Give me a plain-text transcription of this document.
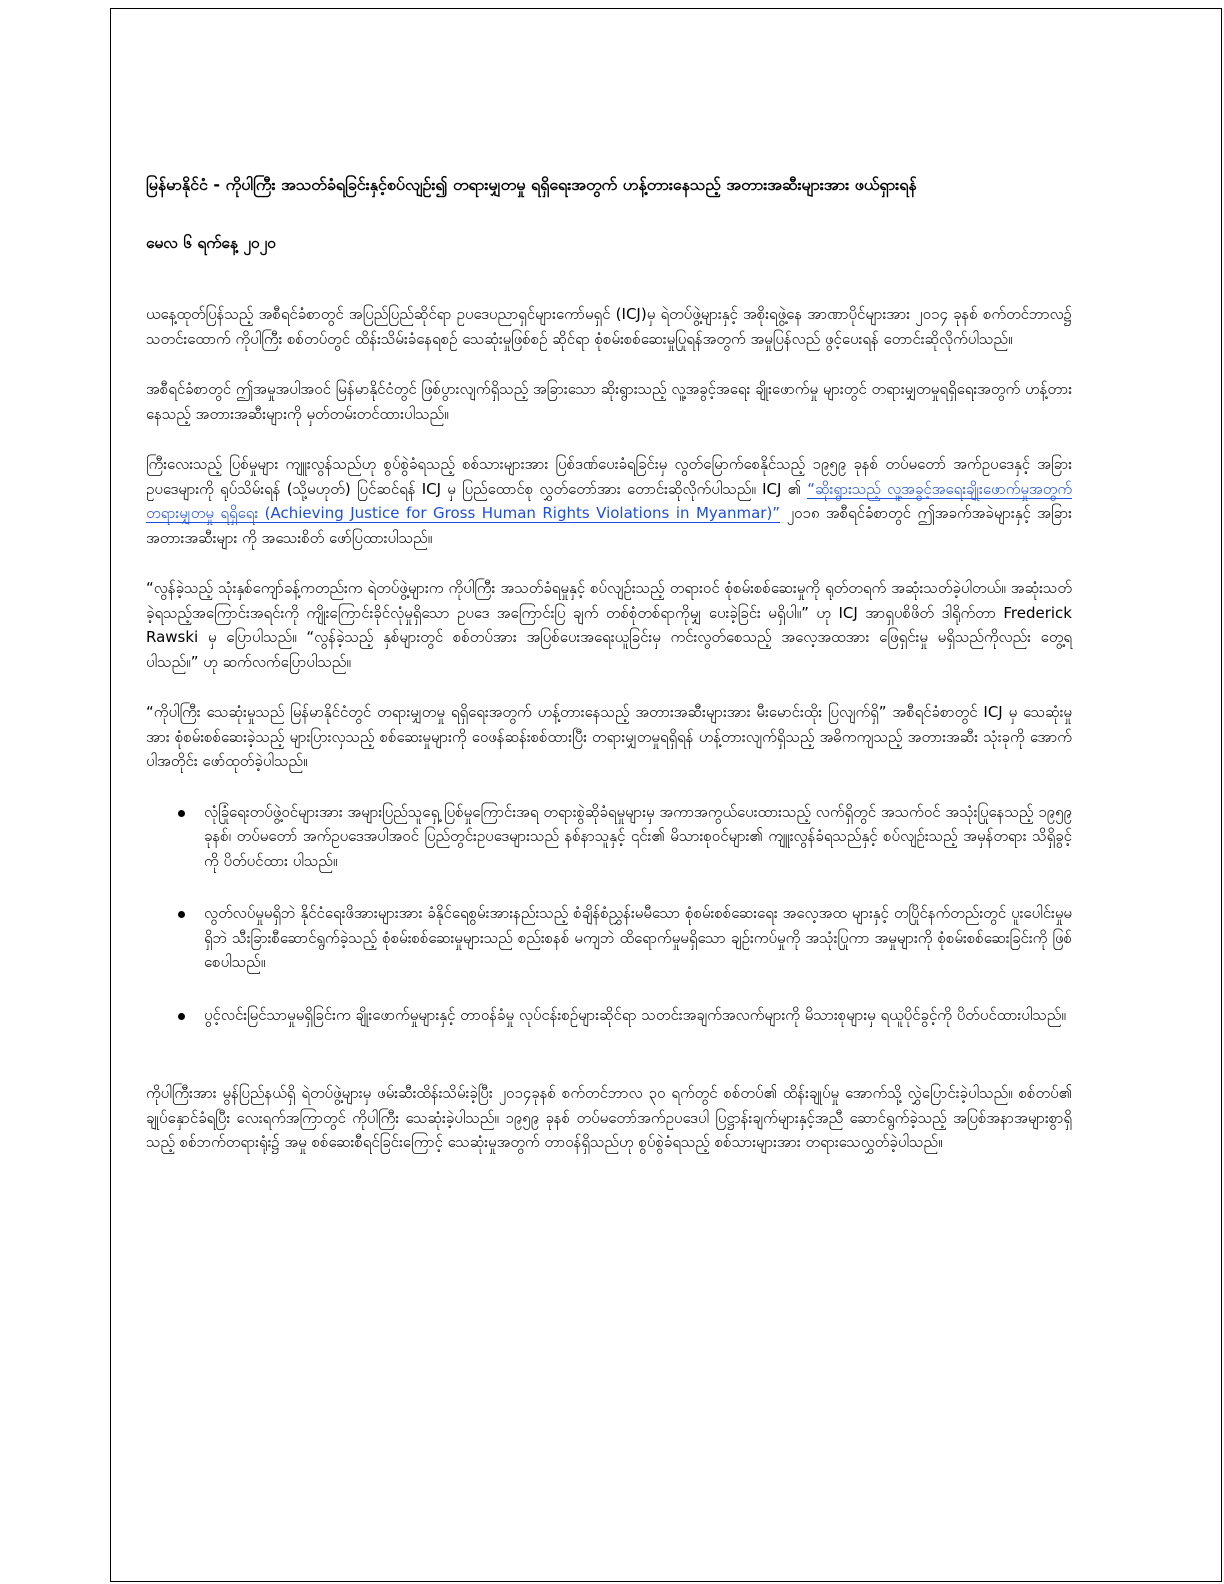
မြန်မာနိုင်ငံ - ကိုပါကြီး အသတ်ခံရခြင်းနှင့်စပ်လျဉ်း၍ တရားမျှတမှု ရရှိရေးအတွက် ဟန့်တားနေသည့် အတားအဆီးများအား ဖယ်ရှားရန်
မေလ ၆ ရက်နေ့ ၂၀၂၀

ယနေ့ထုတ်ပြန်သည့် အစီရင်ခံစာတွင် အပြည်ပြည်ဆိုင်ရာ ဥပဒေပညာရှင်များကော်မရှင် (ICJ)မှ ရဲတပ်ဖွဲ့များနှင့် အစိုးရဖွဲ့နေ အာဏာပိုင်များအား ၂၀၁၄ ခုနစ် စက်တင်ဘာလ၌ သတင်းထောက် ကိုပါကြီး စစ်တပ်တွင် ထိန်းသိမ်းခံနေရစဉ် သေဆုံးမှုဖြစ်စဉ် ဆိုင်ရာ စုံစမ်းစစ်ဆေးမှုပြုရန်အတွက် အမှုပြန်လည် ဖွင့်ပေးရန် တောင်းဆိုလိုက်ပါသည်။

အစီရင်ခံစာတွင် ဤအမှုအပါအဝင် မြန်မာနိုင်ငံတွင် ဖြစ်ပွားလျက်ရှိသည့် အခြားသော ဆိုးရွားသည့် လူ့အခွင့်အရေး ချိုးဖောက်မှု များတွင် တရားမျှတမှုရရှိရေးအတွက် ဟန့်တားနေသည့် အတားအဆီးများကို မှတ်တမ်းတင်ထားပါသည်။

ကြီးလေးသည့် ပြစ်မှုများ ကျူးလွန်သည်ဟု စွပ်စွဲခံရသည့် စစ်သားများအား ပြစ်ဒဏ်ပေးခံရခြင်းမှ လွတ်မြောက်စေနိုင်သည့် ၁၉၅၉ ခုနစ် တပ်မတော် အက်ဥပဒေနှင့် အခြား ဥပဒေများကို ရုပ်သိမ်းရန် (သို့မဟုတ်) ပြင်ဆင်ရန် ICJ မှ ပြည်ထောင်စု လွှတ်တော်အား တောင်းဆိုလိုက်ပါသည်။ ICJ ၏ “ဆိုးရွားသည့် လူ့အခွင့်အရေးချိုးဖောက်မှုအတွက် တရားမျှတမှု ရရှိရေး (Achieving Justice for Gross Human Rights Violations in Myanmar)” ၂၀၁၈ အစီရင်ခံစာတွင် ဤအခက်အခဲများနှင့် အခြား အတားအဆီးများ ကို အသေးစိတ် ဖော်ပြထားပါသည်။

“လွန်ခဲ့သည့် သုံးနှစ်ကျော်ခန့်ကတည်းက ရဲတပ်ဖွဲ့များက ကိုပါကြီး အသတ်ခံရမှုနှင့် စပ်လျဉ်းသည့် တရားဝင် စုံစမ်းစစ်ဆေးမှုကို ရုတ်တရက် အဆုံးသတ်ခဲ့ပါတယ်။ အဆုံးသတ်ခဲ့ရသည့်အကြောင်းအရင်းကို ကျိုးကြောင်းခိုင်လုံမှုရှိသော ဥပဒေ အကြောင်းပြ ချက် တစ်စုံတစ်ရာကိုမျှ ပေးခဲ့ခြင်း မရှိပါ။” ဟု ICJ အာရှပစိဖိတ် ဒါရိုက်တာ Frederick Rawski မှ ပြောပါသည်။ “လွန်ခဲ့သည့် နှစ်များတွင် စစ်တပ်အား အပြစ်ပေးအရေးယူခြင်းမှ ကင်းလွတ်စေသည့် အလေ့အထအား ဖြေရှင်းမှု မရှိသည်ကိုလည်း တွေ့ရ ပါသည်။” ဟု ဆက်လက်ပြောပါသည်။

“ကိုပါကြီး သေဆုံးမှုသည် မြန်မာနိုင်ငံတွင် တရားမျှတမှု ရရှိရေးအတွက် ဟန့်တားနေသည့် အတားအဆီးများအား မီးမောင်းထိုး ပြလျက်ရှိ” အစီရင်ခံစာတွင် ICJ မှ သေဆုံးမှုအား စုံစမ်းစစ်ဆေးခဲ့သည့် များပြားလှသည့် စစ်ဆေးမှုများကို ဝေဖန်ဆန်းစစ်ထားပြီး တရားမျှတမှုရရှိရန် ဟန့်တားလျက်ရှိသည့် အဓိကကျသည့် အတားအဆီး သုံးခုကို အောက်ပါအတိုင်း ဖော်ထုတ်ခဲ့ပါသည်။

လုံခြုံရေးတပ်ဖွဲ့ဝင်များအား အများပြည်သူရှေ့ ပြစ်မှုကြောင်းအရ တရားစွဲဆိုခံရမှုများမှ အကာအကွယ်ပေးထားသည့် လက်ရှိတွင် အသက်ဝင် အသုံးပြုနေသည့် ၁၉၅၉ ခုနစ်၊ တပ်မတော် အက်ဥပဒေအပါအဝင် ပြည်တွင်းဥပဒေများသည် နစ်နာသူနှင့် ၎င်း၏ မိသားစုဝင်များ၏ ကျူးလွန်ခံရသည်နှင့် စပ်လျဉ်းသည့် အမှန်တရား သိရှိခွင့်ကို ပိတ်ပင်ထား ပါသည်။
လွတ်လပ်မှုမရှိဘဲ နိုင်ငံရေးဖိအားများအား ခံနိုင်ရေစွမ်းအားနည်းသည့် စံချိန်စံညွှန်းမမီသော စုံစမ်းစစ်ဆေးရေး အလေ့အထ များနှင့် တပြိုင်နက်တည်းတွင် ပူးပေါင်းမှုမရှိဘဲ သီးခြားစီဆောင်ရွက်ခဲ့သည့် စုံစမ်းစစ်ဆေးမှုများသည် စည်းစနစ် မကျဘဲ ထိရောက်မှုမရှိသော ချဉ်းကပ်မှုကို အသုံးပြုကာ အမှုများကို စုံစမ်းစစ်ဆေးခြင်းကို ဖြစ်စေပါသည်။
ပွင့်လင်းမြင်သာမှုမရှိခြင်းက ချိုးဖောက်မှုများနှင့် တာဝန်ခံမှု လုပ်ငန်းစဉ်များဆိုင်ရာ သတင်းအချက်အလက်များကို မိသားစုများမှ ရယူပိုင်ခွင့်ကို ပိတ်ပင်ထားပါသည်။

ကိုပါကြီးအား မွန်ပြည်နယ်ရှိ ရဲတပ်ဖွဲ့များမှ ဖမ်းဆီးထိန်းသိမ်းခဲ့ပြီး ၂၀၁၄ခုနစ် စက်တင်ဘာလ ၃၀ ရက်တွင် စစ်တပ်၏ ထိန်းချုပ်မှု အောက်သို့ လွှဲပြောင်းခဲ့ပါသည်။ စစ်တပ်၏ ချုပ်နှောင်ခံရပြီး လေးရက်အကြာတွင် ကိုပါကြီး သေဆုံးခဲ့ပါသည်။ ၁၉၅၉ ခုနစ် တပ်မတော်အက်ဥပဒေပါ ပြဋ္ဌာန်းချက်များနှင့်အညီ ဆောင်ရွက်ခဲ့သည့် အပြစ်အနာအများစွာရှိသည့် စစ်ဘက်တရားရုံး၌ အမှု စစ်ဆေးစီရင်ခြင်းကြောင့် သေဆုံးမှုအတွက် တာဝန်ရှိသည်ဟု စွပ်စွဲခံရသည့် စစ်သားများအား တရားသေလွှတ်ခဲ့ပါသည်။
